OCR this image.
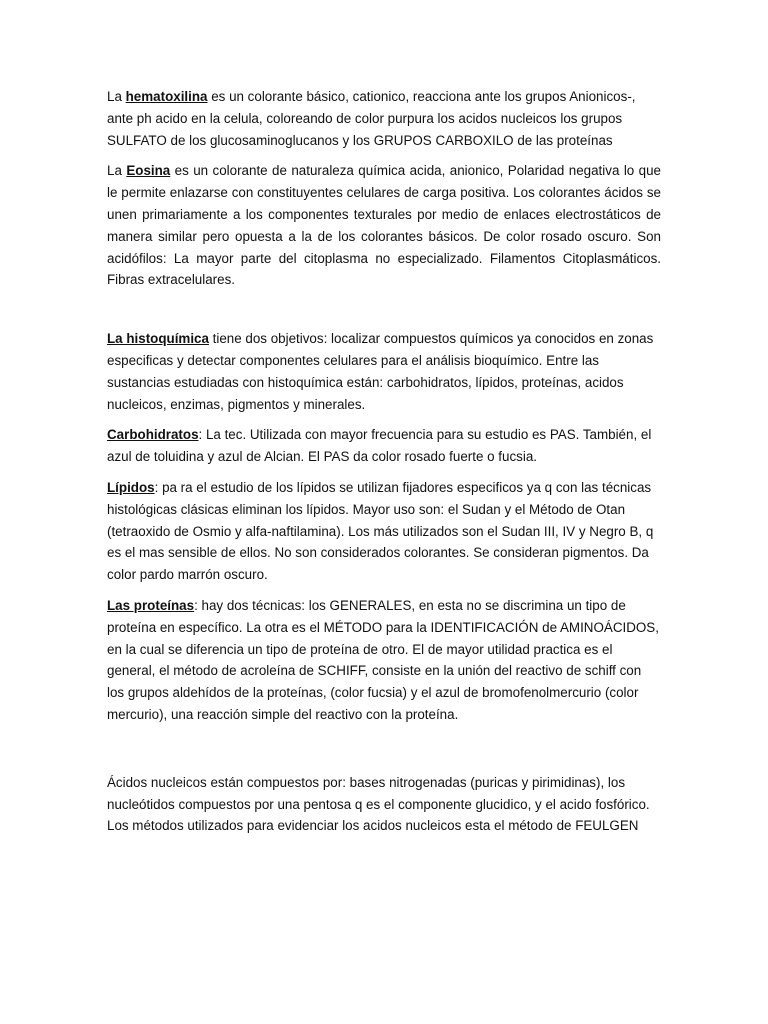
La hematoxilina es un colorante básico, cationico, reacciona ante los grupos Anionicos-, ante ph acido en la celula, coloreando de color purpura los acidos nucleicos los grupos SULFATO de los glucosaminoglucanos y los GRUPOS CARBOXILO de las proteínas

La Eosina es un colorante de naturaleza química acida, anionico, Polaridad negativa lo que le permite enlazarse con constituyentes celulares de carga positiva. Los colorantes ácidos se unen primariamente a los componentes texturales por medio de enlaces electrostáticos de manera similar pero opuesta a la de los colorantes básicos. De color rosado oscuro. Son acidófilos: La mayor parte del citoplasma no especializado. Filamentos Citoplasmáticos. Fibras extracelulares.

La histoquímica tiene dos objetivos: localizar compuestos químicos ya conocidos en zonas especificas y detectar componentes celulares para el análisis bioquímico. Entre las sustancias estudiadas con histoquímica están: carbohidratos, lípidos, proteínas, acidos nucleicos, enzimas, pigmentos y minerales.

Carbohidratos: La tec. Utilizada con mayor frecuencia para su estudio es PAS. También, el azul de toluidina y azul de Alcian. El PAS da color rosado fuerte o fucsia.

Lípidos: pa ra el estudio de los lípidos se utilizan fijadores especificos ya q con las técnicas histológicas clásicas eliminan los lípidos. Mayor uso son: el Sudan y el Método de Otan (tetraoxido de Osmio y alfa-naftilamina). Los más utilizados son el Sudan III, IV y Negro B, q es el mas sensible de ellos. No son considerados colorantes. Se consideran pigmentos. Da color pardo marrón oscuro.

Las proteínas: hay dos técnicas: los GENERALES, en esta no se discrimina un tipo de proteína en específico. La otra es el MÉTODO para la IDENTIFICACIÓN de AMINOÁCIDOS, en la cual se diferencia un tipo de proteína de otro. El de mayor utilidad practica es el general, el método de acroleína de SCHIFF, consiste en la unión del reactivo de schiff con los grupos aldehídos de la proteínas, (color fucsia) y el azul de bromofenolmercurio (color mercurio), una reacción simple del reactivo con la proteína.

Ácidos nucleicos están compuestos por: bases nitrogenadas (puricas y pirimidinas), los nucleótidos compuestos por una pentosa q es el componente glucidico, y el acido fosfórico. Los métodos utilizados para evidenciar los acidos nucleicos esta el método de FEULGEN
